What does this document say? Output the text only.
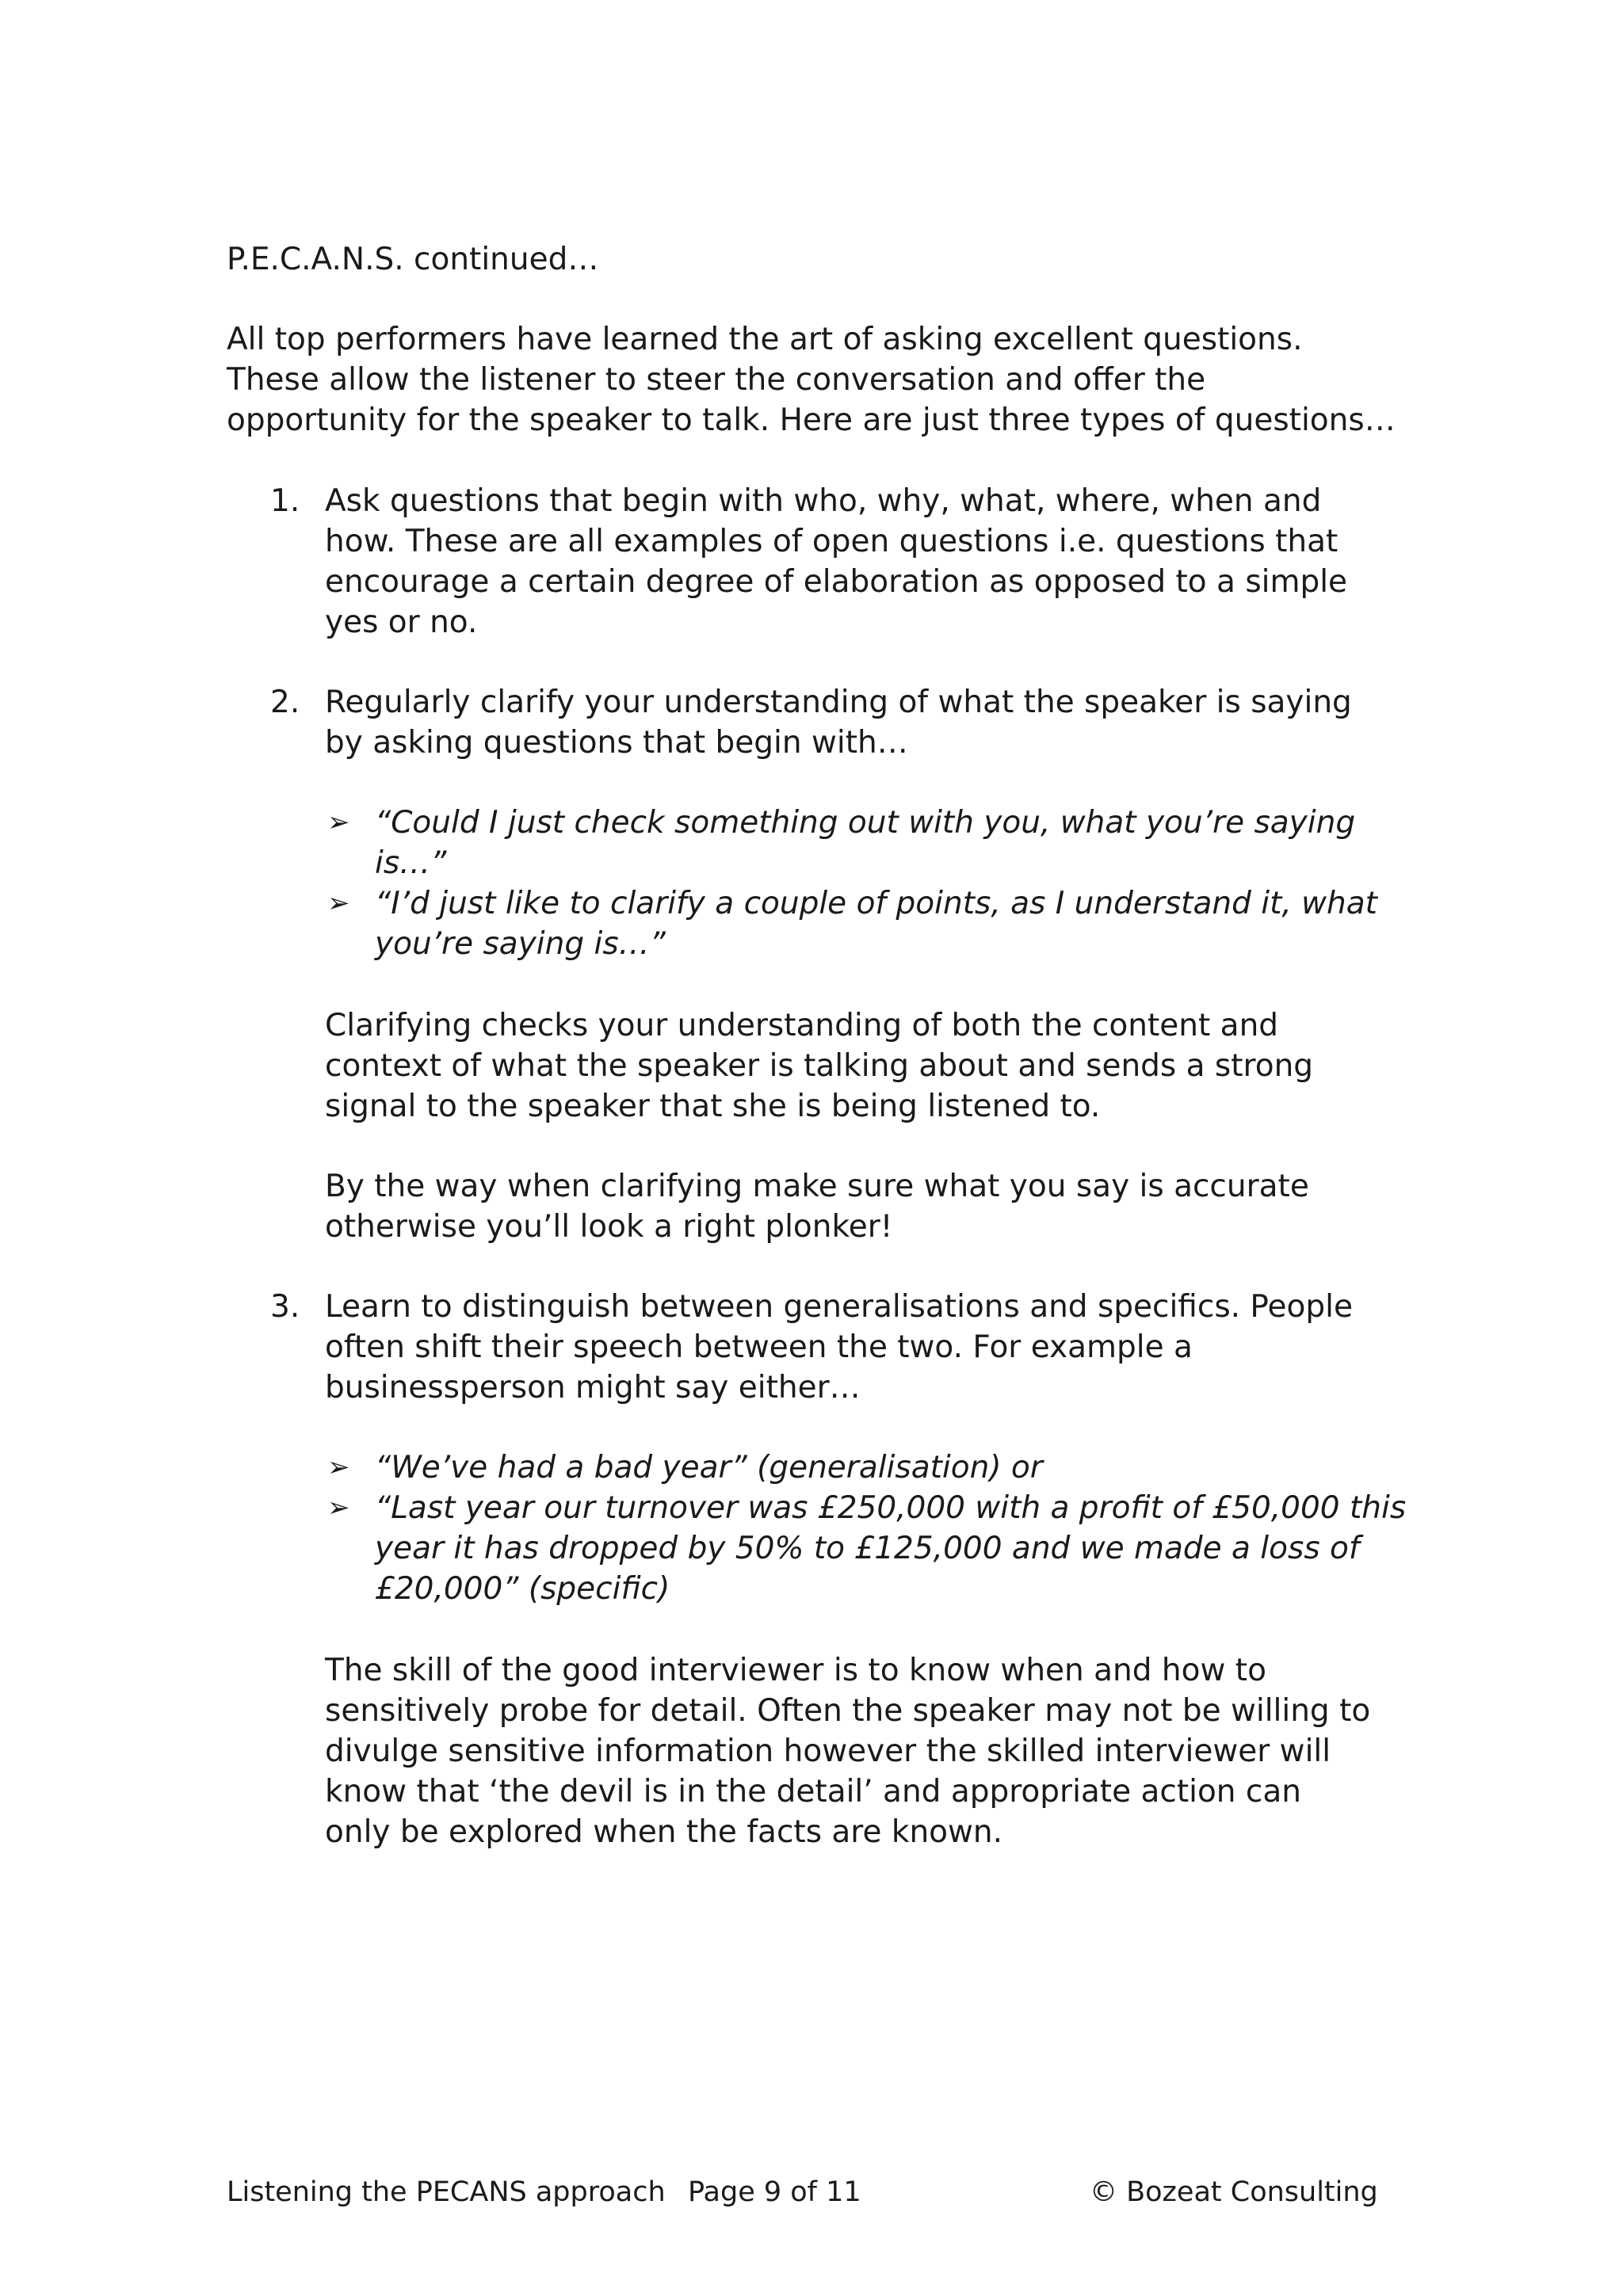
P.E.C.A.N.S. continued…

All top performers have learned the art of asking excellent questions.
These allow the listener to steer the conversation and offer the
opportunity for the speaker to talk. Here are just three types of questions…

1. Ask questions that begin with who, why, what, where, when and
how. These are all examples of open questions i.e. questions that
encourage a certain degree of elaboration as opposed to a simple
yes or no.

2. Regularly clarify your understanding of what the speaker is saying
by asking questions that begin with…

➢ “Could I just check something out with you, what you’re saying
is…”
➢ “I’d just like to clarify a couple of points, as I understand it, what
you’re saying is…”

Clarifying checks your understanding of both the content and
context of what the speaker is talking about and sends a strong
signal to the speaker that she is being listened to.

By the way when clarifying make sure what you say is accurate
otherwise you’ll look a right plonker!

3. Learn to distinguish between generalisations and specifics. People
often shift their speech between the two. For example a
businessperson might say either…

➢ “We’ve had a bad year” (generalisation) or
➢ “Last year our turnover was £250,000 with a profit of £50,000 this
year it has dropped by 50% to £125,000 and we made a loss of
£20,000” (specific)

The skill of the good interviewer is to know when and how to
sensitively probe for detail. Often the speaker may not be willing to
divulge sensitive information however the skilled interviewer will
know that ‘the devil is in the detail’ and appropriate action can
only be explored when the facts are known.

Listening the PECANS approach Page 9 of 11	© Bozeat Consulting
